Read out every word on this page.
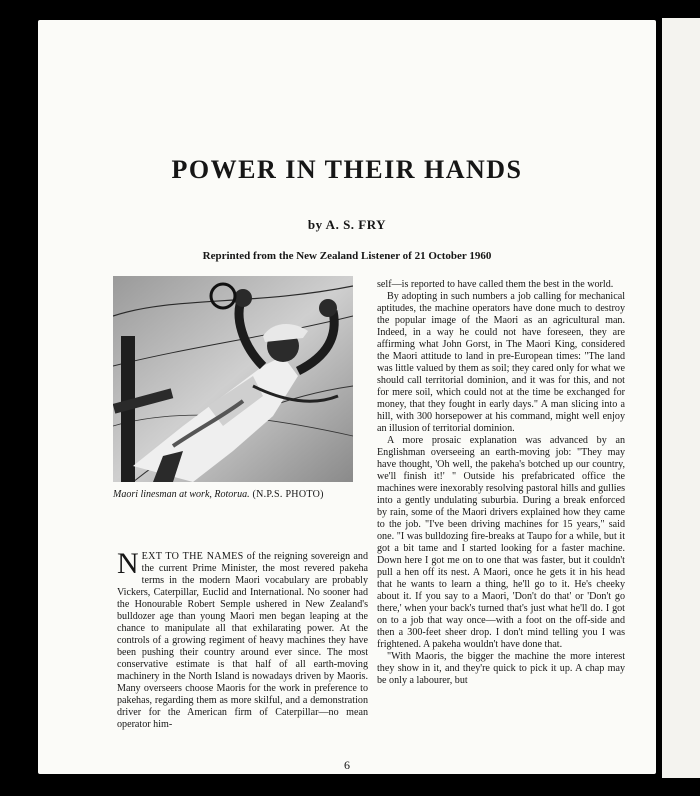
POWER IN THEIR HANDS
by A. S. FRY
Reprinted from the New Zealand Listener of 21 October 1960
Maori linesman at work, Rotorua. (N.P.S. PHOTO)

NEXT TO THE NAMES of the reigning sovereign and the current Prime Minister, the most revered pakeha terms in the modern Maori vocabulary are probably Vickers, Caterpillar, Euclid and International. No sooner had the Honourable Robert Semple ushered in New Zealand's bulldozer age than young Maori men began leaping at the chance to manipulate all that exhilarating power. At the controls of a growing regiment of heavy machines they have been pushing their country around ever since. The most conservative estimate is that half of all earth-moving machinery in the North Island is nowadays driven by Maoris. Many overseers choose Maoris for the work in preference to pakehas, regarding them as more skilful, and a demonstration driver for the American firm of Caterpillar—no mean operator him-

self—is reported to have called them the best in the world.

By adopting in such numbers a job calling for mechanical aptitudes, the machine operators have done much to destroy the popular image of the Maori as an agricultural man. Indeed, in a way he could not have foreseen, they are affirming what John Gorst, in The Maori King, considered the Maori attitude to land in pre-European times: "The land was little valued by them as soil; they cared only for what we should call territorial dominion, and it was for this, and not for mere soil, which could not at the time be exchanged for money, that they fought in early days." A man slicing into a hill, with 300 horsepower at his command, might well enjoy an illusion of territorial dominion.

A more prosaic explanation was advanced by an Englishman overseeing an earth-moving job: "They may have thought, 'Oh well, the pakeha's botched up our country, we'll finish it!' " Outside his prefabricated office the machines were inexorably resolving pastoral hills and gullies into a gently undulating suburbia. During a break enforced by rain, some of the Maori drivers explained how they came to the job. "I've been driving machines for 15 years," said one. "I was bulldozing fire-breaks at Taupo for a while, but it got a bit tame and I started looking for a faster machine. Down here I got me on to one that was faster, but it couldn't pull a hen off its nest. A Maori, once he gets it in his head that he wants to learn a thing, he'll go to it. He's cheeky about it. If you say to a Maori, 'Don't do that' or 'Don't go there,' when your back's turned that's just what he'll do. I got on to a job that way once—with a foot on the off-side and then a 300-feet sheer drop. I don't mind telling you I was frightened. A pakeha wouldn't have done that.

"With Maoris, the bigger the machine the more interest they show in it, and they're quick to pick it up. A chap may be only a labourer, but

6
